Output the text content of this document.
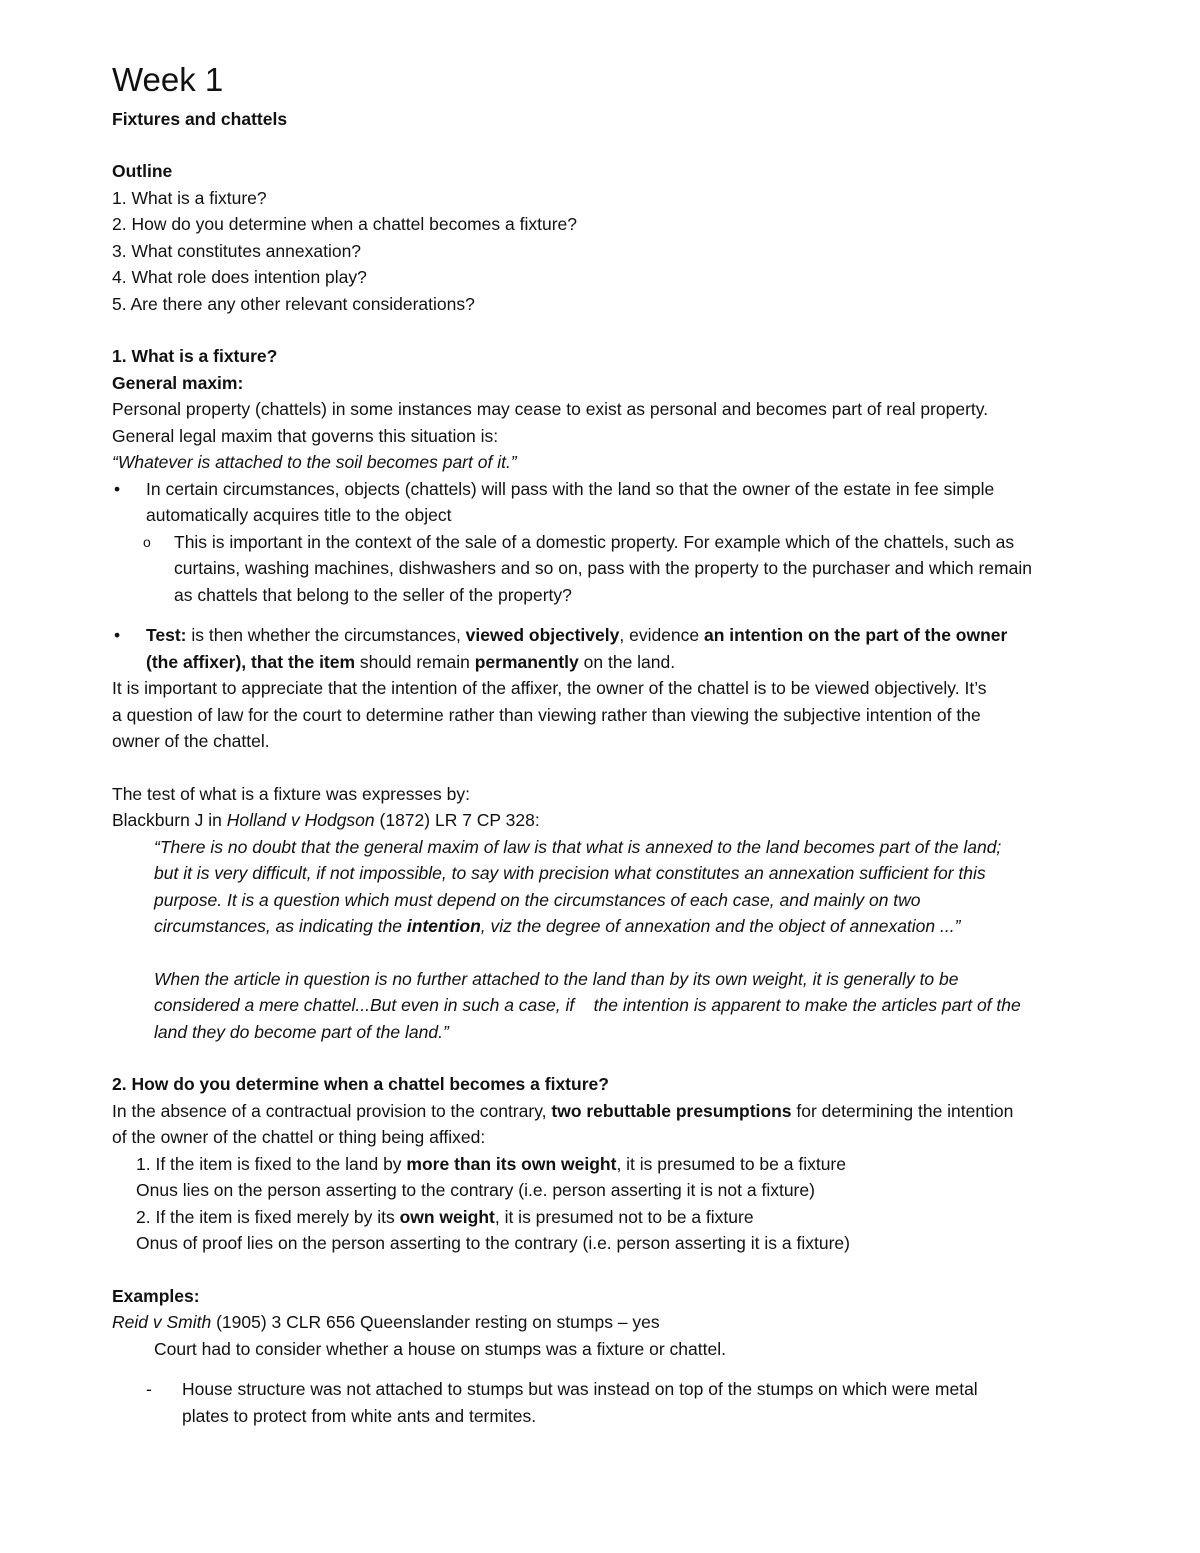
Week 1

Fixtures and chattels

Outline

1. What is a fixture?

2. How do you determine when a chattel becomes a fixture?

3. What constitutes annexation?

4. What role does intention play?

5. Are there any other relevant considerations?

1. What is a fixture?

General maxim:

Personal property (chattels) in some instances may cease to exist as personal and becomes part of real property.

General legal maxim that governs this situation is:

“Whatever is attached to the soil becomes part of it.”

• In certain circumstances, objects (chattels) will pass with the land so that the owner of the estate in fee simple

automatically acquires title to the object

o This is important in the context of the sale of a domestic property. For example which of the chattels, such as

curtains, washing machines, dishwashers and so on, pass with the property to the purchaser and which remain

as chattels that belong to the seller of the property?

• Test: is then whether the circumstances, viewed objectively, evidence an intention on the part of the owner

(the affixer), that the item should remain permanently on the land.

It is important to appreciate that the intention of the affixer, the owner of the chattel is to be viewed objectively. It’s

a question of law for the court to determine rather than viewing rather than viewing the subjective intention of the

owner of the chattel.

The test of what is a fixture was expresses by:

Blackburn J in Holland v Hodgson (1872) LR 7 CP 328:

“There is no doubt that the general maxim of law is that what is annexed to the land becomes part of the land;

but it is very difficult, if not impossible, to say with precision what constitutes an annexation sufficient for this

purpose. It is a question which must depend on the circumstances of each case, and mainly on two

circumstances, as indicating the intention, viz the degree of annexation and the object of annexation ...”

When the article in question is no further attached to the land than by its own weight, it is generally to be

considered a mere chattel...But even in such a case, if    the intention is apparent to make the articles part of the

land they do become part of the land.”

2. How do you determine when a chattel becomes a fixture?

In the absence of a contractual provision to the contrary, two rebuttable presumptions for determining the intention

of the owner of the chattel or thing being affixed:

1. If the item is fixed to the land by more than its own weight, it is presumed to be a fixture

Onus lies on the person asserting to the contrary (i.e. person asserting it is not a fixture)

2. If the item is fixed merely by its own weight, it is presumed not to be a fixture

Onus of proof lies on the person asserting to the contrary (i.e. person asserting it is a fixture)

Examples:

Reid v Smith (1905) 3 CLR 656 Queenslander resting on stumps – yes

Court had to consider whether a house on stumps was a fixture or chattel.

- House structure was not attached to stumps but was instead on top of the stumps on which were metal

plates to protect from white ants and termites.
